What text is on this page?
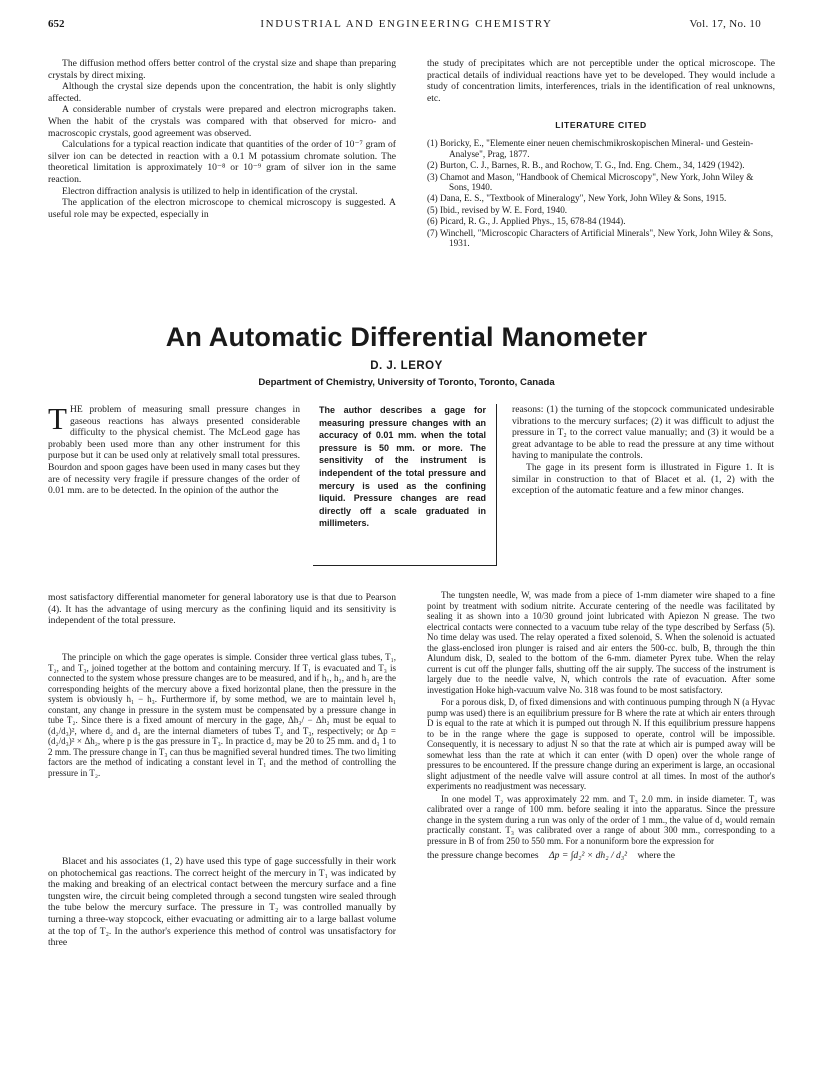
652	INDUSTRIAL AND ENGINEERING CHEMISTRY	Vol. 17, No. 10

The diffusion method offers better control of the crystal size and shape than preparing crystals by direct mixing.

Although the crystal size depends upon the concentration, the habit is only slightly affected.

A considerable number of crystals were prepared and electron micrographs taken. When the habit of the crystals was compared with that observed for micro- and macroscopic crystals, good agreement was observed.

Calculations for a typical reaction indicate that quantities of the order of 10⁻⁷ gram of silver ion can be detected in reaction with a 0.1 M potassium chromate solution. The theoretical limitation is approximately 10⁻⁸ or 10⁻⁹ gram of silver ion in the same reaction.

Electron diffraction analysis is utilized to help in identification of the crystal.

The application of the electron microscope to chemical microscopy is suggested. A useful role may be expected, especially in

the study of precipitates which are not perceptible under the optical microscope. The practical details of individual reactions have yet to be developed. They would include a study of concentration limits, interferences, trials in the identification of real unknowns, etc.
LITERATURE CITED

(1) Boricky, E., "Elemente einer neuen chemischmikroskopischen Mineral- und Gestein-Analyse", Prag, 1877.

(2) Burton, C. J., Barnes, R. B., and Rochow, T. G., Ind. Eng. Chem., 34, 1429 (1942).

(3) Chamot and Mason, "Handbook of Chemical Microscopy", New York, John Wiley & Sons, 1940.

(4) Dana, E. S., "Textbook of Mineralogy", New York, John Wiley & Sons, 1915.

(5) Ibid., revised by W. E. Ford, 1940.

(6) Picard, R. G., J. Applied Phys., 15, 678-84 (1944).

(7) Winchell, "Microscopic Characters of Artificial Minerals", New York, John Wiley & Sons, 1931.

An Automatic Differential Manometer
D. J. LEROY
Department of Chemistry, University of Toronto, Toronto, Canada
THE problem of measuring small pressure changes in gaseous reactions has always presented considerable difficulty to the physical chemist. The McLeod gage has probably been used more than any other instrument for this purpose but it can be used only at relatively small total pressures. Bourdon and spoon gages have been used in many cases but they are of necessity very fragile if pressure changes of the order of 0.01 mm. are to be detected. In the opinion of the author the
The author describes a gage for measuring pressure changes with an accuracy of 0.01 mm. when the total pressure is 50 mm. or more. The sensitivity of the instrument is independent of the total pressure and mercury is used as the confining liquid. Pressure changes are read directly off a scale graduated in millimeters.

reasons: (1) the turning of the stopcock communicated undesirable vibrations to the mercury surfaces; (2) it was difficult to adjust the pressure in T₂ to the correct value manually; and (3) it would be a great advantage to be able to read the pressure at any time without having to manipulate the controls.

The gage in its present form is illustrated in Figure 1. It is similar in construction to that of Blacet et al. (1, 2) with the exception of the automatic feature and a few minor changes.

most satisfactory differential manometer for general laboratory use is that due to Pearson (4). It has the advantage of using mercury as the confining liquid and its sensitivity is independent of the total pressure.

The principle on which the gage operates is simple. Consider three vertical glass tubes, T₁, T₂, and T₃, joined together at the bottom and containing mercury. If T₁ is evacuated and T₃ is connected to the system whose pressure changes are to be measured, and if h₁, h₂, and h₃ are the corresponding heights of the mercury above a fixed horizontal plane, then the pressure in the system is obviously h₁ − h₃. Furthermore if, by some method, we are to maintain level h₁ constant, any change in pressure in the system must be compensated by a pressure change in tube T₂. Since there is a fixed amount of mercury in the gage, Δh₃/ − Δh₂ must be equal to (d₂/d₃)², where d₂ and d₃ are the internal diameters of tubes T₂ and T₃, respectively; or Δp = (d₂/d₃)² × Δh₂, where p is the gas pressure in T₃. In practice d₂ may be 20 to 25 mm. and d₃ 1 to 2 mm. The pressure change in T₃ can thus be magnified several hundred times. The two limiting factors are the method of indicating a constant level in T₁ and the method of controlling the pressure in T₂.

Blacet and his associates (1, 2) have used this type of gage successfully in their work on photochemical gas reactions. The correct height of the mercury in T₁ was indicated by the making and breaking of an electrical contact between the mercury surface and a fine tungsten wire, the circuit being completed through a second tungsten wire sealed through the tube below the mercury surface. The pressure in T₂ was controlled manually by turning a three-way stopcock, either evacuating or admitting air to a large ballast volume at the top of T₂. In the author's experience this method of control was unsatisfactory for three

The tungsten needle, W, was made from a piece of 1-mm diameter wire shaped to a fine point by treatment with sodium nitrite. Accurate centering of the needle was facilitated by sealing it as shown into a 10/30 ground joint lubricated with Apiezon N grease. The two electrical contacts were connected to a vacuum tube relay of the type described by Serfass (5). No time delay was used. The relay operated a fixed solenoid, S. When the solenoid is actuated the glass-enclosed iron plunger is raised and air enters the 500-cc. bulb, B, through the thin Alundum disk, D, sealed to the bottom of the 6-mm. diameter Pyrex tube. When the relay current is cut off the plunger falls, shutting off the air supply. The success of the instrument is largely due to the needle valve, N, which controls the rate of evacuation. After some investigation Hoke high-vacuum valve No. 318 was found to be most satisfactory.

For a porous disk, D, of fixed dimensions and with continuous pumping through N (a Hyvac pump was used) there is an equilibrium pressure for B where the rate at which air enters through D is equal to the rate at which it is pumped out through N. If this equilibrium pressure happens to be in the range where the gage is supposed to operate, control will be impossible. Consequently, it is necessary to adjust N so that the rate at which air is pumped away will be somewhat less than the rate at which it can enter (with D open) over the whole range of pressures to be encountered. If the pressure change during an experiment is large, an occasional slight adjustment of the needle valve will assure control at all times. In most of the author's experiments no readjustment was necessary.

In one model T₂ was approximately 22 mm. and T₃ 2.0 mm. in inside diameter. T₂ was calibrated over a range of 100 mm. before sealing it into the apparatus. Since the pressure change in the system during a run was only of the order of 1 mm., the value of d₂ would remain practically constant. T₃ was calibrated over a range of about 300 mm., corresponding to a pressure in B of from 250 to 550 mm. For a nonuniform bore the expression for

the pressure change becomes Δp = ∫d₂² × dh₂ / d₃² where the
